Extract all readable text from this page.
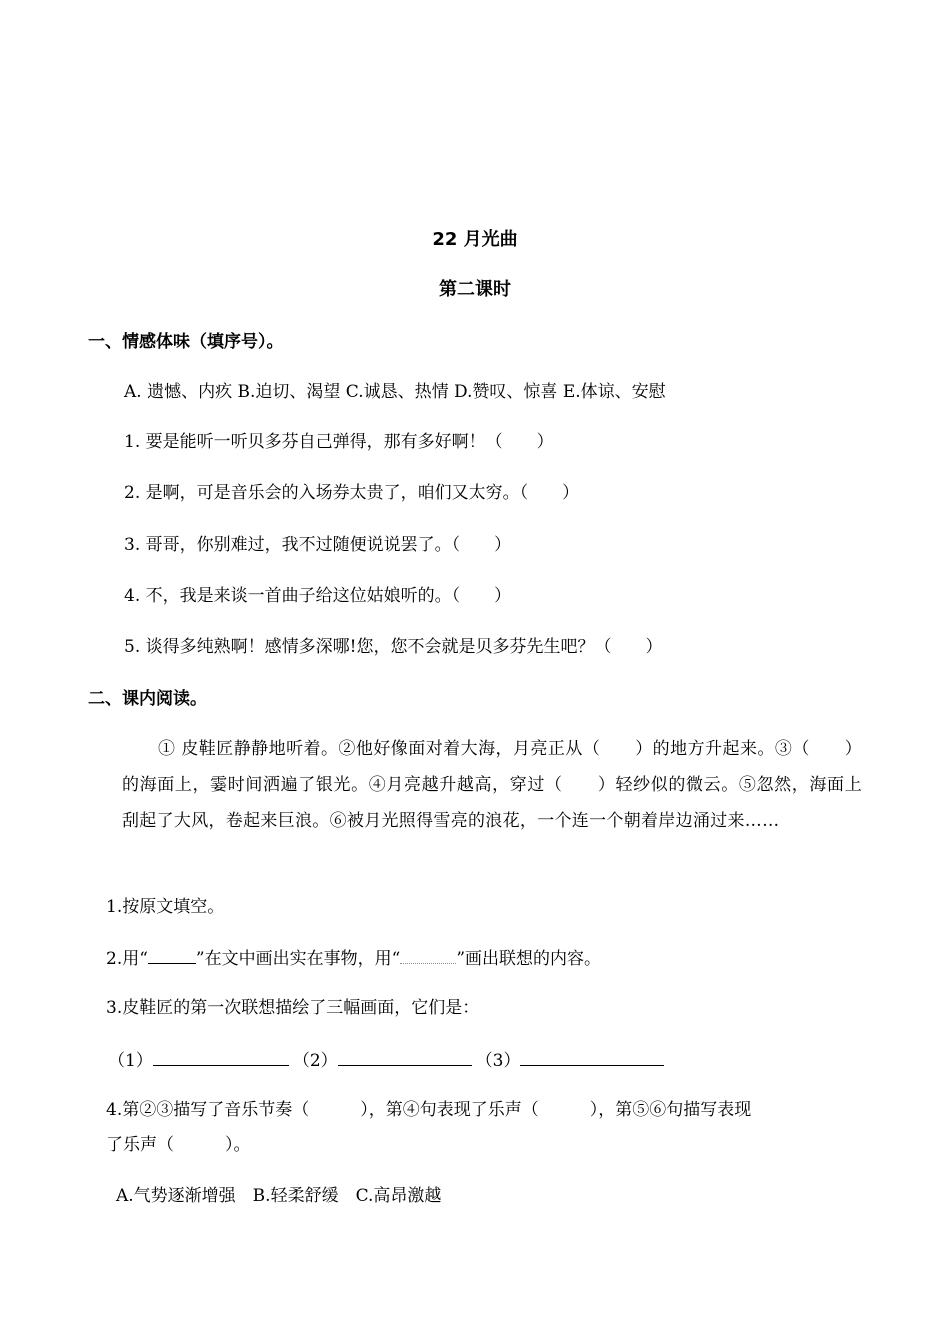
22 月光曲
第二课时
一、情感体味（填序号）。
A. 遗憾、内疚 B.迫切、渴望 C.诚恳、热情 D.赞叹、惊喜 E.体谅、安慰
1. 要是能听一听贝多芬自己弹得，那有多好啊！（　　）
2. 是啊，可是音乐会的入场券太贵了，咱们又太穷。（　　）
3. 哥哥，你别难过，我不过随便说说罢了。（　　）
4. 不，我是来谈一首曲子给这位姑娘听的。（　　）
5. 谈得多纯熟啊！感情多深哪!您，您不会就是贝多芬先生吧？（　　）
二、课内阅读。
① 皮鞋匠静静地听着。②他好像面对着大海，月亮正从（　　）的地方升起来。③（　　）的海面上，霎时间洒遍了银光。④月亮越升越高，穿过（　　）轻纱似的微云。⑤忽然，海面上刮起了大风，卷起来巨浪。⑥被月光照得雪亮的浪花，一个连一个朝着岸边涌过来……
1.按原文填空。
2.用“	”在文中画出实在事物，用“	”画出联想的内容。
3.皮鞋匠的第一次联想描绘了三幅画面，它们是：
（1）	（2）	（3）
4.第②③描写了音乐节奏（　　　），第④句表现了乐声（　　　），第⑤⑥句描写表现
了乐声（　　　）。
A.气势逐渐增强　B.轻柔舒缓　C.高昂激越
